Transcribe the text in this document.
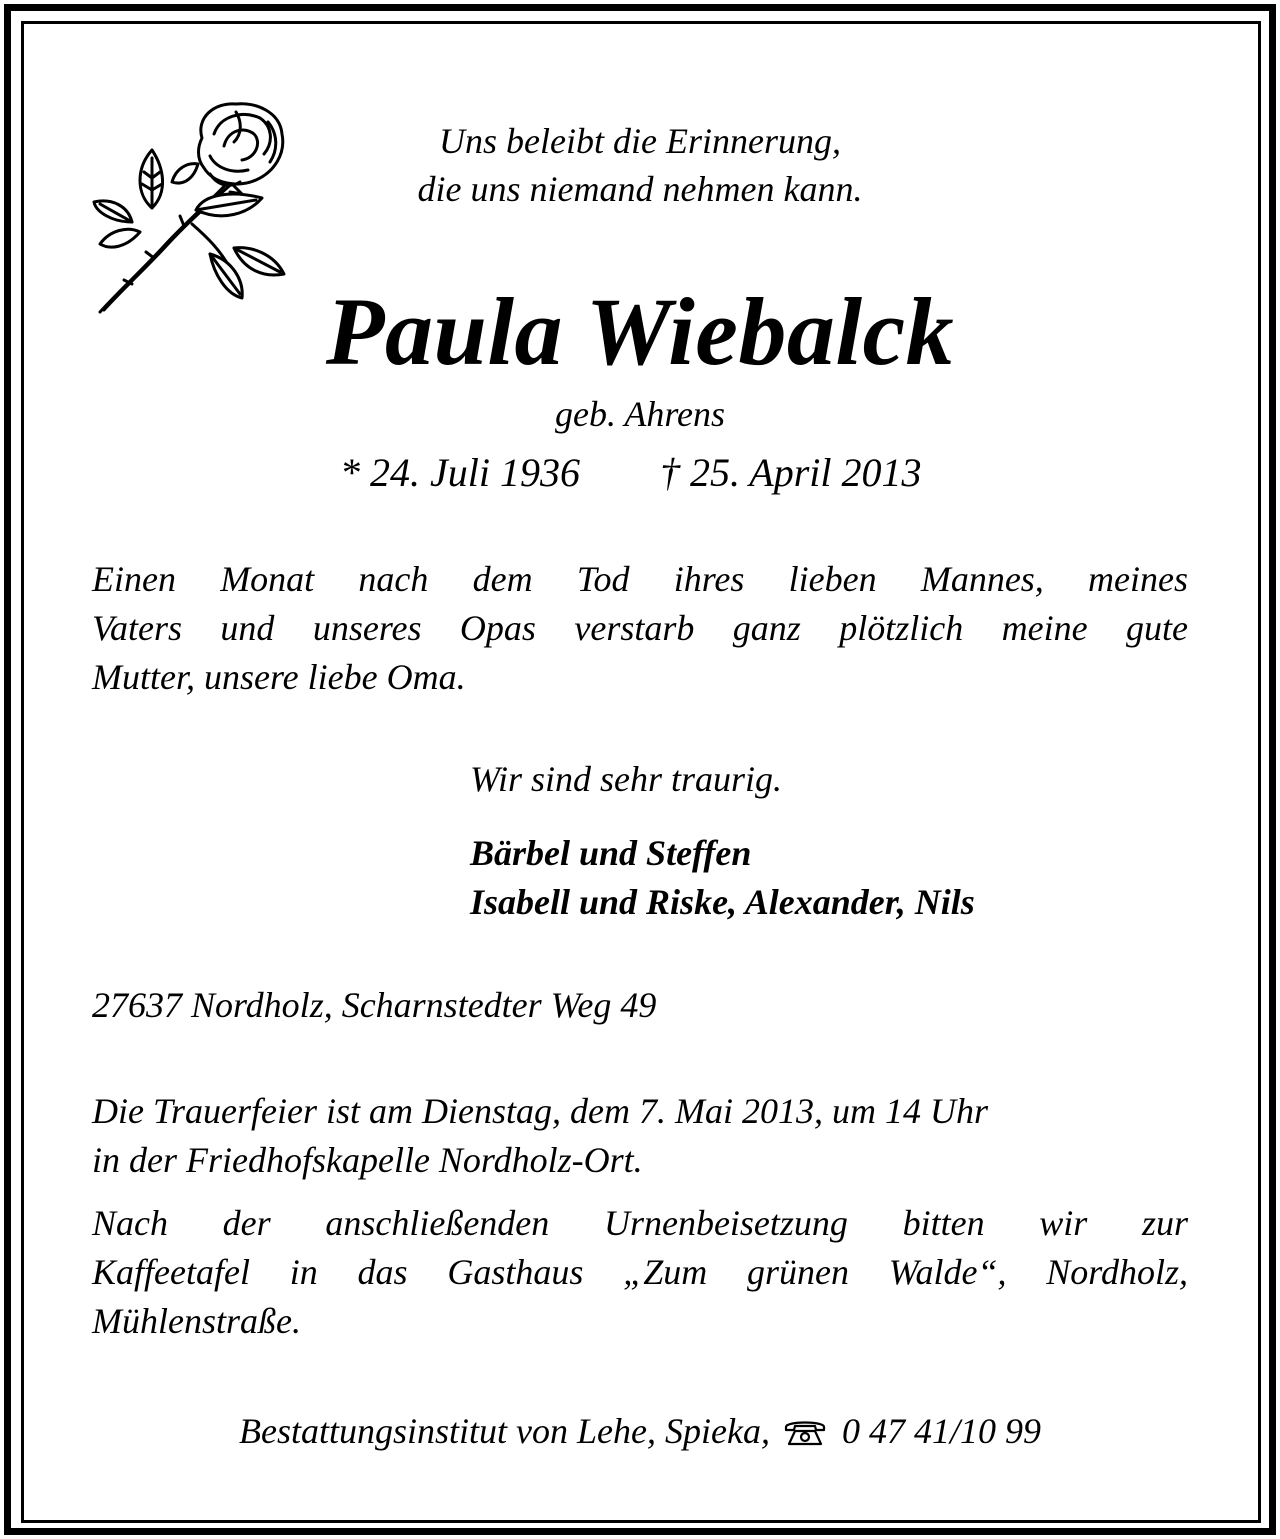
Uns beleibt die Erinnerung,
die uns niemand nehmen kann.
Paula Wiebalck
geb. Ahrens
* 24. Juli 1936 † 25. April 2013
Einen Monat nach dem Tod ihres lieben Mannes, meines
Vaters und unseres Opas verstarb ganz plötzlich meine gute
Mutter, unsere liebe Oma.
Wir sind sehr traurig.
Bärbel und Steffen
Isabell und Riske, Alexander, Nils
27637 Nordholz, Scharnstedter Weg 49
Die Trauerfeier ist am Dienstag, dem 7. Mai 2013, um 14 Uhr
in der Friedhofskapelle Nordholz-Ort.
Nach der anschließenden Urnenbeisetzung bitten wir zur
Kaffeetafel in das Gasthaus „Zum grünen Walde“, Nordholz,
Mühlenstraße.
Bestattungsinstitut von Lehe, Spieka, 0 47 41/10 99
